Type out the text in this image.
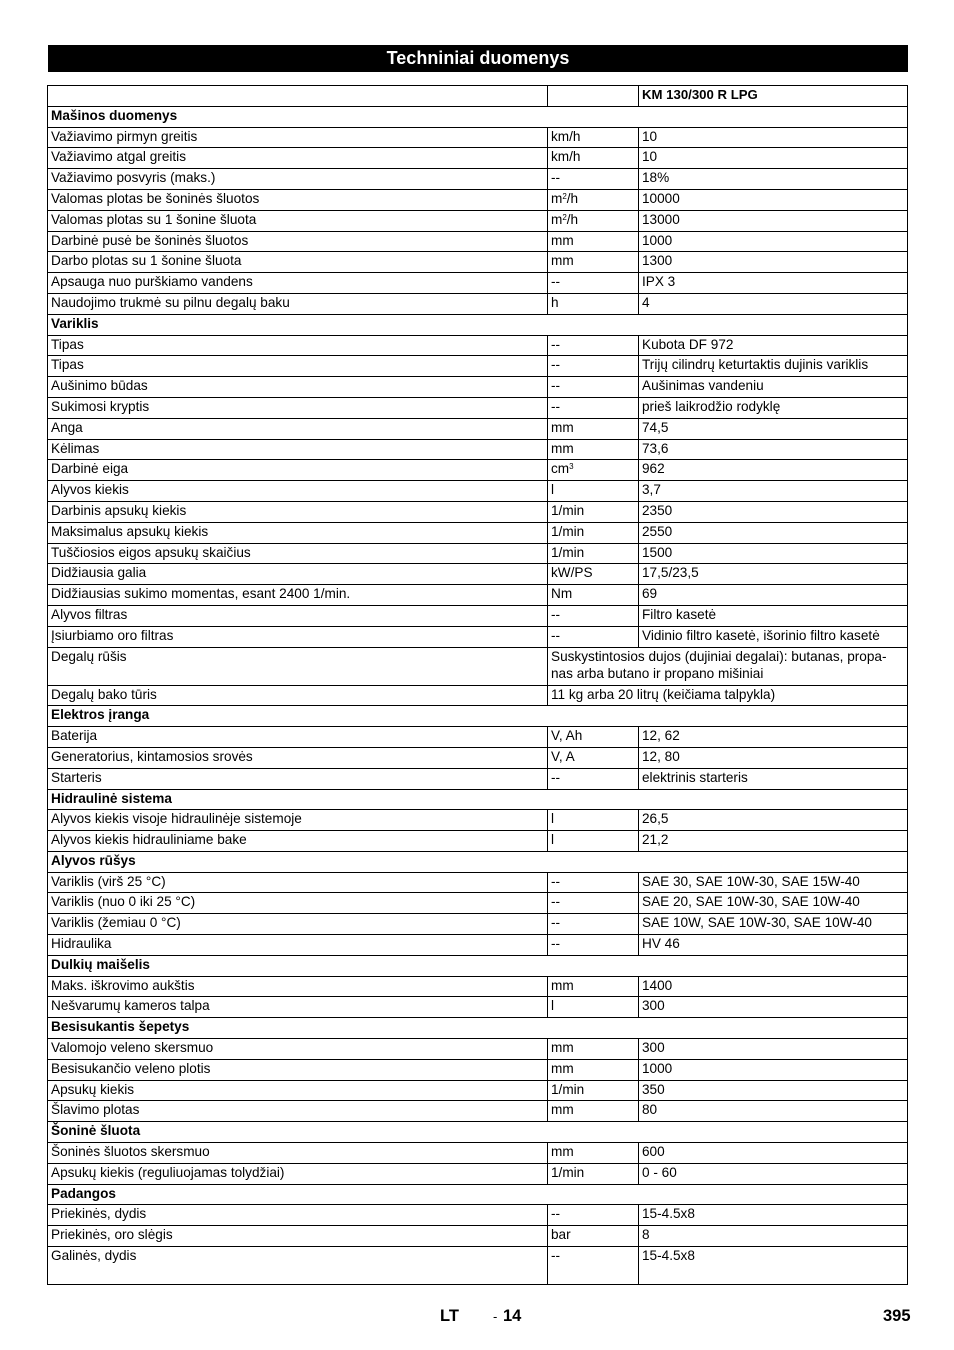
Techniniai duomenys
		KM 130/300 R LPG
Mašinos duomenys		
Važiavimo pirmyn greitis	km/h	10
Važiavimo atgal greitis	km/h	10
Važiavimo posvyris (maks.)	--	18%
Valomas plotas be šoninės šluotos	$m^2/h$	10000
Valomas plotas su 1 šonine šluota	$m^2/h$	13000
Darbinė pusė be šoninės šluotos	mm	1000
Darbo plotas su 1 šonine šluota	mm	1300
Apsauga nuo purškiamo vandens	--	IPX 3
Naudojimo trukmė su pilnu degalų baku	h	4
Variklis		
Tipas	--	Kubota DF 972
Tipas	--	Trijų cilindrų keturtaktis dujinis variklis
Aušinimo būdas	--	Aušinimas vandeniu
Sukimosi kryptis	--	prieš laikrodžio rodyklę
Anga	mm	74,5
Kėlimas	mm	73,6
Darbinė eiga	$cm^3$	962
Alyvos kiekis	l	3,7
Darbinis apsukų kiekis	1/min	2350
Maksimalus apsukų kiekis	1/min	2550
Tuščiosios eigos apsukų skaičius	1/min	1500
Didžiausia galia	kW/PS	17,5/23,5
Didžiausias sukimo momentas, esant 2400 1/min.	Nm	69
Alyvos filtras	--	Filtro kasetė
Įsiurbiamo oro filtras	--	Vidinio filtro kasetė, išorinio filtro kasetė
Degalų rūšis	Suskystintosios dujos (dujiniai degalai): butanas, propa-
nas arba butano ir propano mišiniai	
Degalų bako tūris	11 kg arba 20 litrų (keičiama talpykla)	
Elektros įranga		
Baterija	V, Ah	12, 62
Generatorius, kintamosios srovės	V, A	12, 80
Starteris	--	elektrinis starteris
Hidraulinė sistema		
Alyvos kiekis visoje hidraulinėje sistemoje	l	26,5
Alyvos kiekis hidrauliniame bake	l	21,2
Alyvos rūšys		
Variklis (virš 25 °C)	--	SAE 30, SAE 10W-30, SAE 15W-40
Variklis (nuo 0 iki 25 °C)	--	SAE 20, SAE 10W-30, SAE 10W-40
Variklis (žemiau 0 °C)	--	SAE 10W, SAE 10W-30, SAE 10W-40
Hidraulika	--	HV 46
Dulkių maišelis		
Maks. iškrovimo aukštis	mm	1400
Nešvarumų kameros talpa	l	300
Besisukantis šepetys		
Valomojo veleno skersmuo	mm	300
Besisukančio veleno plotis	mm	1000
Apsukų kiekis	1/min	350
Šlavimo plotas	mm	80
Šoninė šluota		
Šoninės šluotos skersmuo	mm	600
Apsukų kiekis (reguliuojamas tolydžiai)	1/min	0 - 60
Padangos		
Priekinės, dydis	--	15-4.5x8
Priekinės, oro slėgis	bar	8
Galinės, dydis	--	15-4.5x8
LT	- 14	395
